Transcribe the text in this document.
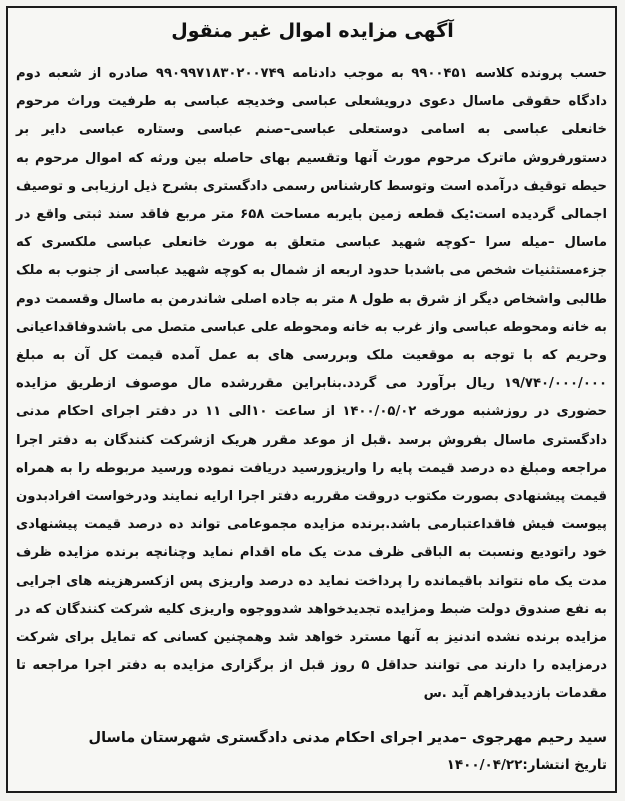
آگهی مزایده اموال غیر منقول
حسب پرونده کلاسه ۹۹۰۰۴۵۱ به موجب دادنامه ۹۹۰۹۹۷۱۸۳۰۲۰۰۷۴۹ صادره از شعبه دوم دادگاه حقوقی ماسال دعوی درویشعلی عباسی وخدیجه عباسی به طرفیت وراث مرحوم خانعلی عباسی به اسامی دوستعلی عباسی–صنم عباسی وستاره عباسی دایر بر دستورفروش ماترک مرحوم مورث آنها وتقسیم بهای حاصله بین ورثه که اموال مرحوم به حیطه توقیف درآمده است وتوسط کارشناس رسمی دادگستری بشرح ذیل ارزیابی و توصیف اجمالی گردیده است:یک قطعه زمین بایربه مساحت ۶۵۸ متر مربع فاقد سند ثبتی واقع در ماسال –میله سرا –کوچه شهید عباسی متعلق به مورث خانعلی عباسی ملکسری که جزءمستثنیات شخص می باشدبا حدود اربعه از شمال به کوچه شهید عباسی از جنوب به ملک طالبی واشخاص دیگر از شرق به طول ۸ متر به جاده اصلی شاندرمن به ماسال وقسمت دوم به خانه ومحوطه عباسی واز غرب به خانه ومحوطه علی عباسی متصل می باشدوفاقداعیانی وحریم که با توجه به موقعیت ملک وبررسی های به عمل آمده قیمت کل آن به مبلغ ۱۹/۷۴۰/۰۰۰/۰۰۰ ریال برآورد می گردد.بنابراین مقررشده مال موصوف ازطریق مزایده حضوری در روزشنبه مورخه ۱۴۰۰/۰۵/۰۲ از ساعت ۱۰الی ۱۱ در دفتر اجرای احکام مدنی دادگستری ماسال بفروش برسد .قبل از موعد مقرر هریک ازشرکت کنندگان به دفتر اجرا مراجعه ومبلغ ده درصد قیمت پایه را واریزورسید دریافت نموده ورسید مربوطه را به همراه قیمت پیشنهادی بصورت مکتوب دروقت مقرربه دفتر اجرا ارایه نمایند ودرخواست افرادبدون پیوست فیش فاقداعتبارمی باشد.برنده مزایده مجموعامی تواند ده درصد قیمت پیشنهادی خود راتودیع ونسبت به الباقی ظرف مدت یک ماه اقدام نماید وچنانچه برنده مزایده ظرف مدت یک ماه نتواند باقیمانده را پرداخت نماید ده درصد واریزی پس ازکسرهزینه های اجرایی به نفع صندوق دولت ضبط ومزایده تجدیدخواهد شدووجوه واریزی کلیه شرکت کنندگان که در مزایده برنده نشده اندنیز به آنها مسترد خواهد شد وهمچنین کسانی که تمایل برای شرکت درمزایده را دارند می توانند حداقل ۵ روز قبل از برگزاری مزایده به دفتر اجرا مراجعه تا مقدمات بازدیدفراهم آید .س
سید رحیم مهرجوی –مدیر اجرای احکام مدنی دادگستری شهرستان ماسال
تاریخ انتشار:۱۴۰۰/۰۴/۲۲
